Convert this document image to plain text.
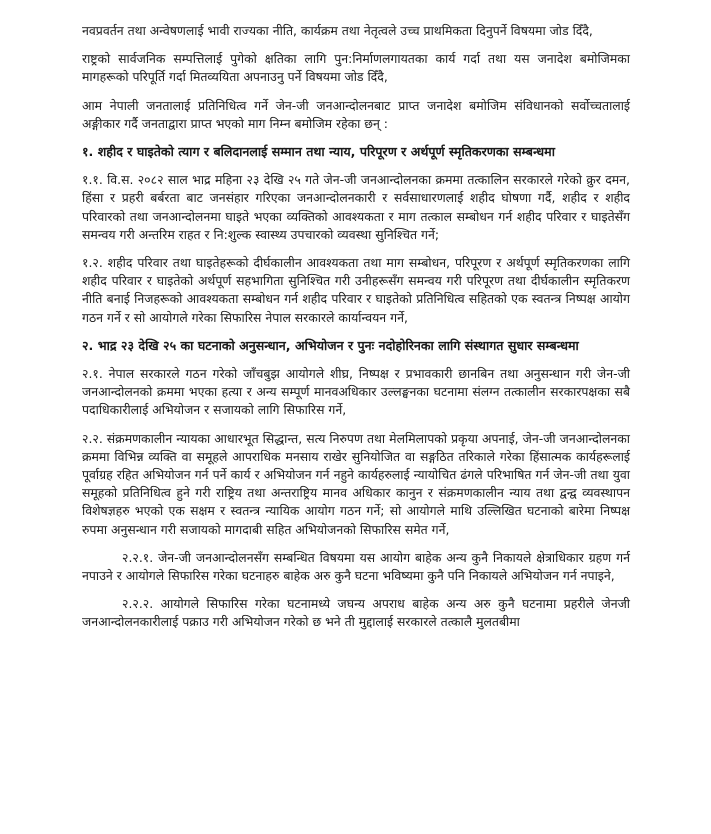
नवप्रवर्तन तथा अन्वेषणलाई भावी राज्यका नीति, कार्यक्रम तथा नेतृत्वले उच्च प्राथमिकता दिनुपर्ने विषयमा जोड दिँदै,

राष्ट्रको सार्वजनिक सम्पत्तिलाई पुगेको क्षतिका लागि पुन:निर्माणलगायतका कार्य गर्दा तथा यस जनादेश बमोजिमका मागहरूको परिपूर्ति गर्दा मितव्ययिता अपनाउनु पर्ने विषयमा जोड दिँदै,

आम नेपाली जनतालाई प्रतिनिधित्व गर्ने जेन-जी जनआन्दोलनबाट प्राप्त जनादेश बमोजिम संविधानको सर्वोच्चतालाई अङ्गीकार गर्दै जनताद्वारा प्राप्त भएको माग निम्न बमोजिम रहेका छन् :

१. शहीद र घाइतेको त्याग र बलिदानलाई सम्मान तथा न्याय, परिपूरण र अर्थपूर्ण स्मृतिकरणका सम्बन्धमा

१.१. वि.स. २०८२ साल भाद्र महिना २३ देखि २५ गते जेन-जी जनआन्दोलनका क्रममा तत्कालिन सरकारले गरेको क्रुर दमन, हिंसा र प्रहरी बर्बरता बाट जनसंहार गरिएका जनआन्दोलनकारी र सर्वसाधारणलाई शहीद घोषणा गर्दै, शहीद र शहीद परिवारको तथा जनआन्दोलनमा घाइते भएका व्यक्तिको आवश्यकता र माग तत्काल सम्बोधन गर्न शहीद परिवार र घाइतेसँग समन्वय गरी अन्तरिम राहत र नि:शुल्क स्वास्थ्य उपचारको व्यवस्था सुनिश्चित गर्ने;

१.२. शहीद परिवार तथा घाइतेहरूको दीर्घकालीन आवश्यकता तथा माग सम्बोधन, परिपूरण र अर्थपूर्ण स्मृतिकरणका लागि शहीद परिवार र घाइतेको अर्थपूर्ण सहभागिता सुनिश्चित गरी उनीहरूसँग समन्वय गरी परिपूरण तथा दीर्घकालीन स्मृतिकरण नीति बनाई निजहरूको आवश्यकता सम्बोधन गर्न शहीद परिवार र घाइतेको प्रतिनिधित्व सहितको एक स्वतन्त्र निष्पक्ष आयोग गठन गर्ने र सो आयोगले गरेका सिफारिस नेपाल सरकारले कार्यान्वयन गर्ने,

२. भाद्र २३ देखि २५ का घटनाको अनुसन्धान, अभियोजन र पुनः नदोहोरिनका लागि संस्थागत सुधार सम्बन्धमा

२.१. नेपाल सरकारले गठन गरेको जाँचबुझ आयोगले शीघ्र, निष्पक्ष र प्रभावकारी छानबिन तथा अनुसन्धान गरी जेन-जी जनआन्दोलनको क्रममा भएका हत्या र अन्य सम्पूर्ण मानवअधिकार उल्लङ्घनका घटनामा संलग्न तत्कालीन सरकारपक्षका सबै पदाधिकारीलाई अभियोजन र सजायको लागि सिफारिस गर्ने,

२.२. संक्रमणकालीन न्यायका आधारभूत सिद्धान्त, सत्य निरुपण तथा मेलमिलापको प्रकृया अपनाई, जेन-जी जनआन्दोलनका क्रममा विभिन्न व्यक्ति वा समूहले आपराधिक मनसाय राखेर सुनियोजित वा सङ्गठित तरिकाले गरेका हिंसात्मक कार्यहरूलाई पूर्वाग्रह रहित अभियोजन गर्न पर्ने कार्य र अभियोजन गर्न नहुने कार्यहरुलाई न्यायोचित ढंगले परिभाषित गर्न जेन-जी तथा युवा समूहको प्रतिनिधित्व हुने गरी राष्ट्रिय तथा अन्तराष्ट्रिय मानव अधिकार कानुन र संक्रमणकालीन न्याय तथा द्वन्द्व व्यवस्थापन विशेषज्ञहरु भएको एक सक्षम र स्वतन्त्र न्यायिक आयोग गठन गर्ने; सो आयोगले माथि उल्लिखित घटनाको बारेमा निष्पक्ष रुपमा अनुसन्धान गरी सजायको मागदाबी सहित अभियोजनको सिफारिस समेत गर्ने,

२.२.१. जेन-जी जनआन्दोलनसँग सम्बन्धित विषयमा यस आयोग बाहेक अन्य कुनै निकायले क्षेत्राधिकार ग्रहण गर्न नपाउने र आयोगले सिफारिस गरेका घटनाहरु बाहेक अरु कुनै घटना भविष्यमा कुनै पनि निकायले अभियोजन गर्न नपाइने,

२.२.२. आयोगले सिफारिस गरेका घटनामध्ये जघन्य अपराध बाहेक अन्य अरु कुनै घटनामा प्रहरीले जेनजी जनआन्दोलनकारीलाई पक्राउ गरी अभियोजन गरेको छ भने ती मुद्दालाई सरकारले तत्कालै मुलतबीमा
